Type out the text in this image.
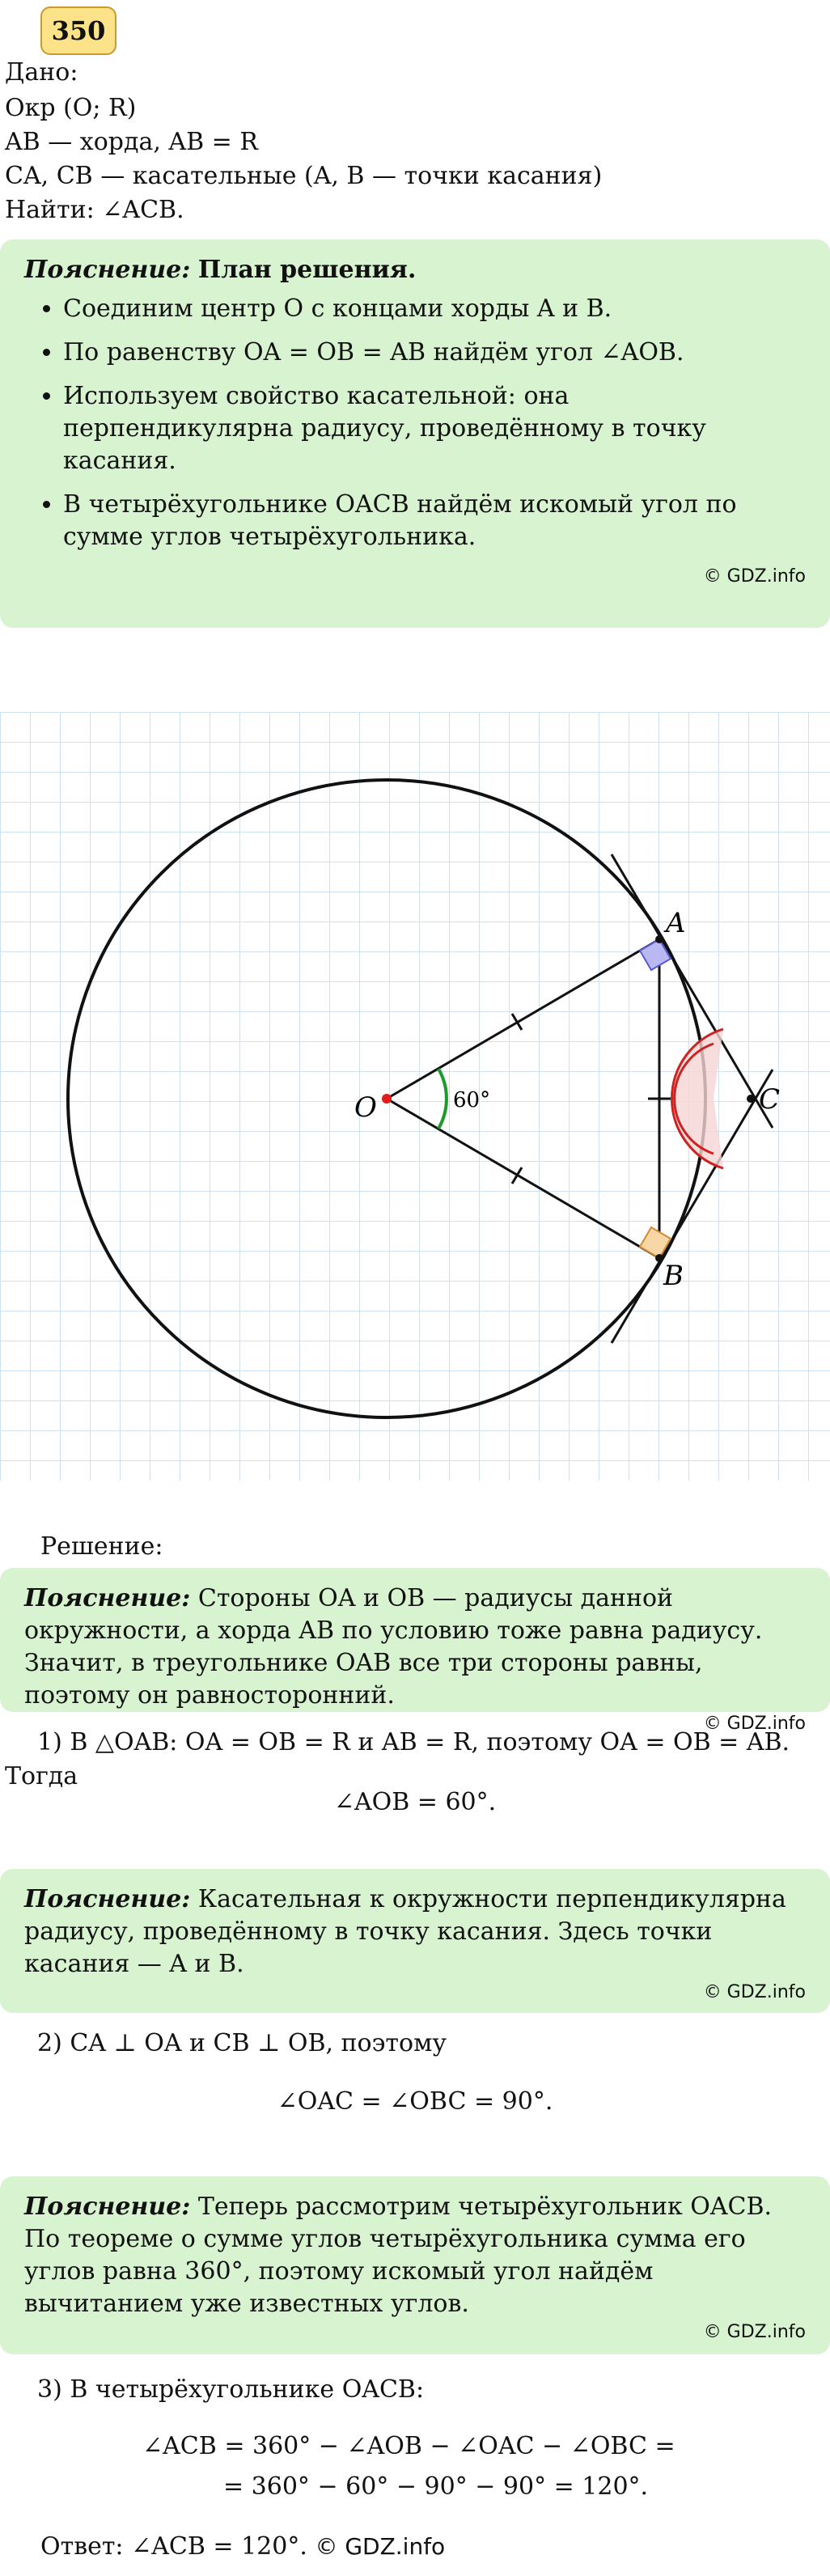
350
Дано:
Окр (O; R)
AB — хорда, AB = R
CA, CB — касательные (A, B — точки касания)
Найти: ∠ACB.
Пояснение: План решения.
• Соединим центр O с концами хорды A и B.
• По равенству OA = OB = AB найдём угол ∠AOB.
• Используем свойство касательной: она перпендикулярна радиусу, проведённому в точку касания.
• В четырёхугольнике OACB найдём искомый угол по сумме углов четырёхугольника.
© GDZ.info
O
A
B
C
60°
Решение:
Пояснение: Стороны OA и OB — радиусы данной окружности, а хорда AB по условию тоже равна радиусу. Значит, в треугольнике OAB все три стороны равны, поэтому он равносторонний.
© GDZ.info
1) В △OAB: OA = OB = R и AB = R, поэтому OA = OB = AB.
Тогда
∠AOB = 60°.
Пояснение: Касательная к окружности перпендикулярна радиусу, проведённому в точку касания. Здесь точки касания — A и B.
© GDZ.info
2) CA ⊥ OA и CB ⊥ OB, поэтому
∠OAC = ∠OBC = 90°.
Пояснение: Теперь рассмотрим четырёхугольник OACB. По теореме о сумме углов четырёхугольника сумма его углов равна 360°, поэтому искомый угол найдём вычитанием уже известных углов.
© GDZ.info
3) В четырёхугольнике OACB:
∠ACB = 360° − ∠AOB − ∠OAC − ∠OBC =
= 360° − 60° − 90° − 90° = 120°.
Ответ: ∠ACB = 120°. © GDZ.info
